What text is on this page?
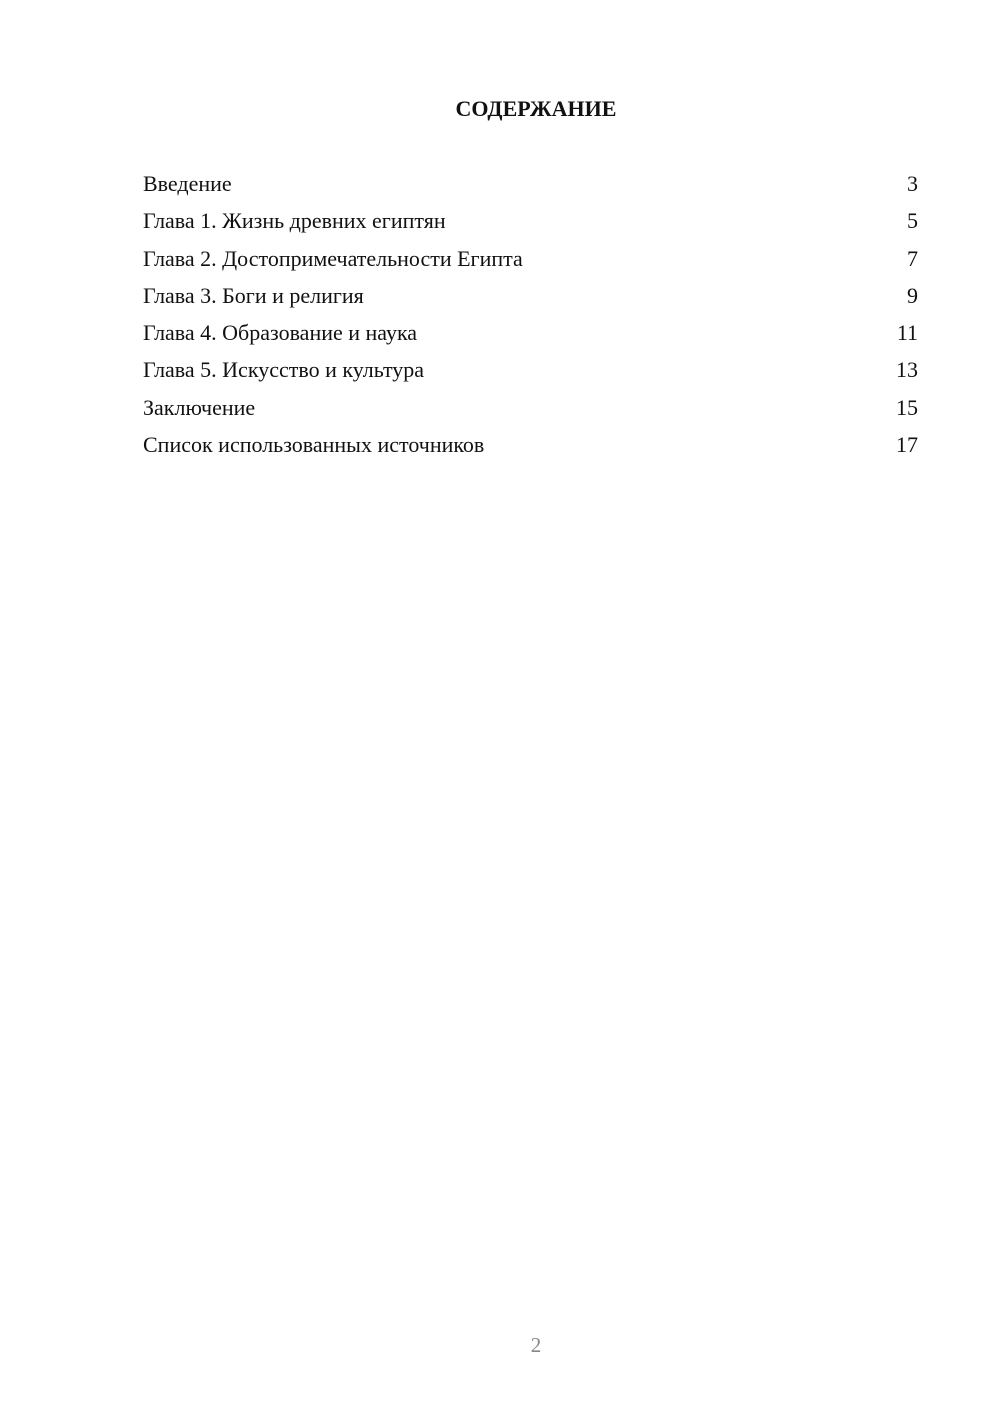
СОДЕРЖАНИЕ
Введение	3
Глава 1. Жизнь древних египтян	5
Глава 2. Достопримечательности Египта	7
Глава 3. Боги и религия	9
Глава 4. Образование и наука	11
Глава 5. Искусство и культура	13
Заключение	15
Список использованных источников	17
2
